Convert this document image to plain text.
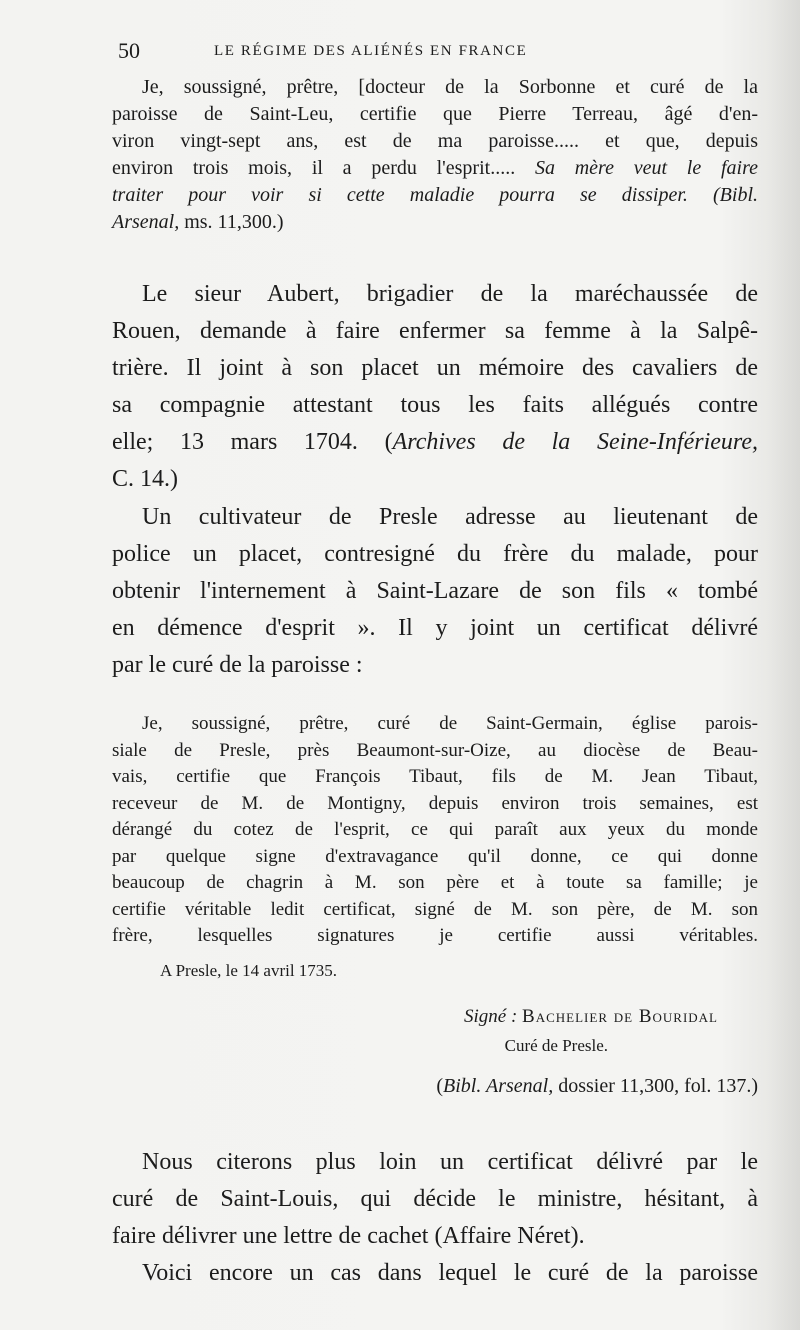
50	LE RÉGIME DES ALIÉNÉS EN FRANCE
Je, soussigné, prêtre, [docteur de la Sorbonne et curé de la
paroisse de Saint-Leu, certifie que Pierre Terreau, âgé d'en-
viron vingt-sept ans, est de ma paroisse..... et que, depuis
environ trois mois, il a perdu l'esprit..... Sa mère veut le faire
traiter pour voir si cette maladie pourra se dissiper. (Bibl.
Arsenal, ms. 11,300.)
Le sieur Aubert, brigadier de la maréchaussée de
Rouen, demande à faire enfermer sa femme à la Salpê-
trière. Il joint à son placet un mémoire des cavaliers de
sa compagnie attestant tous les faits allégués contre
elle; 13 mars 1704. (Archives de la Seine-Inférieure,
C. 14.)
Un cultivateur de Presle adresse au lieutenant de
police un placet, contresigné du frère du malade, pour
obtenir l'internement à Saint-Lazare de son fils « tombé
en démence d'esprit ». Il y joint un certificat délivré
par le curé de la paroisse :
Je, soussigné, prêtre, curé de Saint-Germain, église parois-
siale de Presle, près Beaumont-sur-Oize, au diocèse de Beau-
vais, certifie que François Tibaut, fils de M. Jean Tibaut,
receveur de M. de Montigny, depuis environ trois semaines, est
dérangé du cotez de l'esprit, ce qui paraît aux yeux du monde
par quelque signe d'extravagance qu'il donne, ce qui donne
beaucoup de chagrin à M. son père et à toute sa famille; je
certifie véritable ledit certificat, signé de M. son père, de M. son
frère, lesquelles signatures je certifie aussi véritables.
A Presle, le 14 avril 1735.
Signé : Bachelier de Bouridal
Curé de Presle.
(Bibl. Arsenal, dossier 11,300, fol. 137.)
Nous citerons plus loin un certificat délivré par le
curé de Saint-Louis, qui décide le ministre, hésitant, à
faire délivrer une lettre de cachet (Affaire Néret).
Voici encore un cas dans lequel le curé de la paroisse
